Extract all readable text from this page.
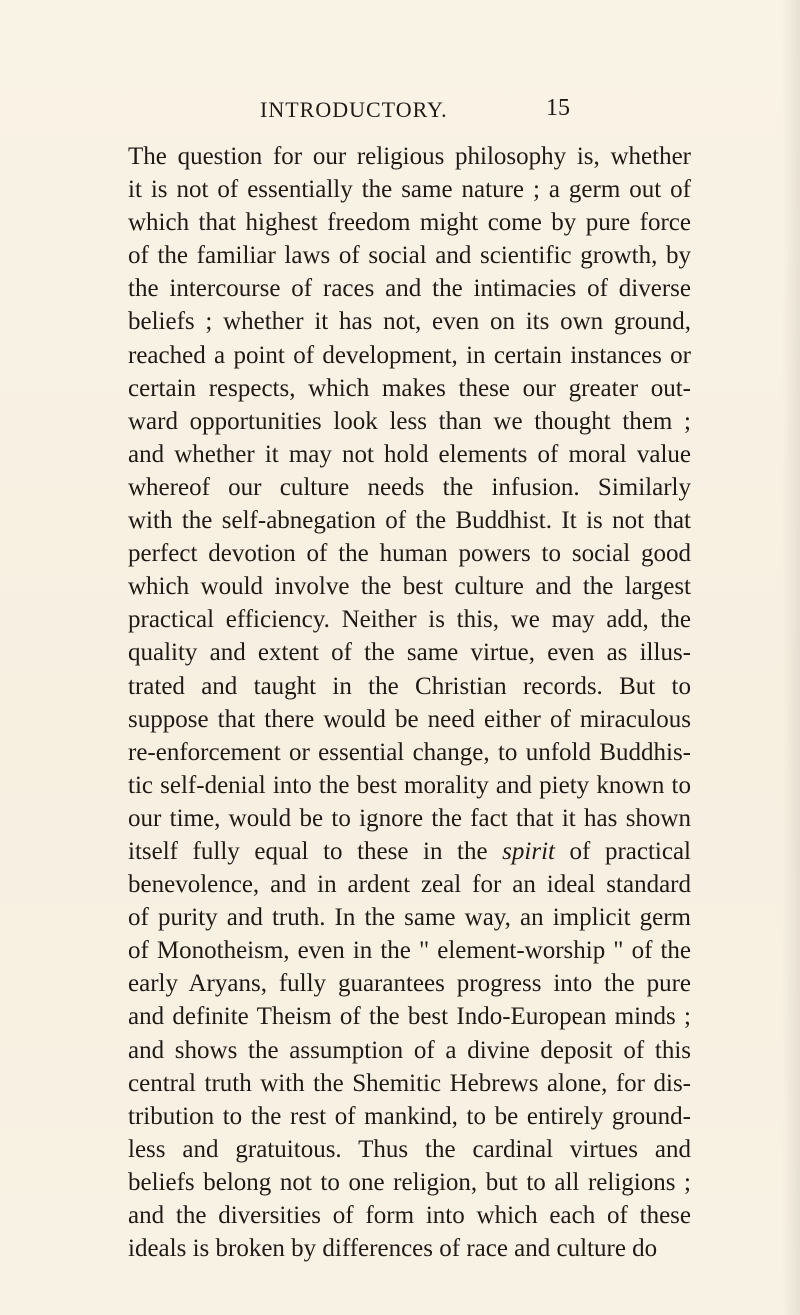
INTRODUCTORY.	15
The question for our religious philosophy is, whether
it is not of essentially the same nature ; a germ out of
which that highest freedom might come by pure force
of the familiar laws of social and scientific growth, by
the intercourse of races and the intimacies of diverse
beliefs ; whether it has not, even on its own ground,
reached a point of development, in certain instances or
certain respects, which makes these our greater out-
ward opportunities look less than we thought them ;
and whether it may not hold elements of moral value
whereof our culture needs the infusion. Similarly
with the self-abnegation of the Buddhist. It is not that
perfect devotion of the human powers to social good
which would involve the best culture and the largest
practical efficiency. Neither is this, we may add, the
quality and extent of the same virtue, even as illus-
trated and taught in the Christian records. But to
suppose that there would be need either of miraculous
re-enforcement or essential change, to unfold Buddhis-
tic self-denial into the best morality and piety known to
our time, would be to ignore the fact that it has shown
itself fully equal to these in the spirit of practical
benevolence, and in ardent zeal for an ideal standard
of purity and truth. In the same way, an implicit germ
of Monotheism, even in the " element-worship " of the
early Aryans, fully guarantees progress into the pure
and definite Theism of the best Indo-European minds ;
and shows the assumption of a divine deposit of this
central truth with the Shemitic Hebrews alone, for dis-
tribution to the rest of mankind, to be entirely ground-
less and gratuitous. Thus the cardinal virtues and
beliefs belong not to one religion, but to all religions ;
and the diversities of form into which each of these
ideals is broken by differences of race and culture do
